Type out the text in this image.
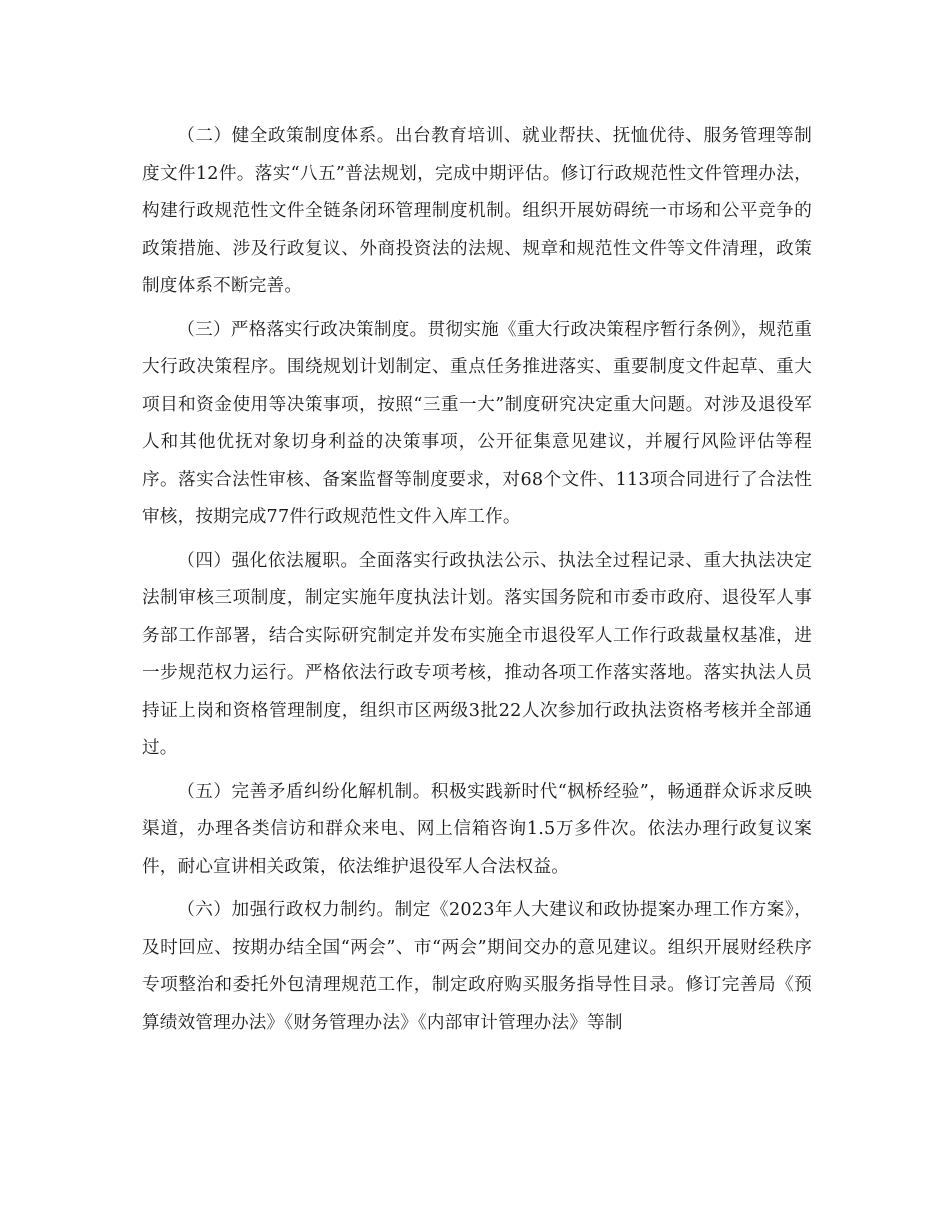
（二）健全政策制度体系。出台教育培训、就业帮扶、抚恤优待、服务管理等制度文件12件。落实“八五”普法规划，完成中期评估。修订行政规范性文件管理办法，构建行政规范性文件全链条闭环管理制度机制。组织开展妨碍统一市场和公平竞争的政策措施、涉及行政复议、外商投资法的法规、规章和规范性文件等文件清理，政策制度体系不断完善。

（三）严格落实行政决策制度。贯彻实施《重大行政决策程序暂行条例》，规范重大行政决策程序。围绕规划计划制定、重点任务推进落实、重要制度文件起草、重大项目和资金使用等决策事项，按照“三重一大”制度研究决定重大问题。对涉及退役军人和其他优抚对象切身利益的决策事项，公开征集意见建议，并履行风险评估等程序。落实合法性审核、备案监督等制度要求，对68个文件、113项合同进行了合法性审核，按期完成77件行政规范性文件入库工作。

（四）强化依法履职。全面落实行政执法公示、执法全过程记录、重大执法决定法制审核三项制度，制定实施年度执法计划。落实国务院和市委市政府、退役军人事务部工作部署，结合实际研究制定并发布实施全市退役军人工作行政裁量权基准，进一步规范权力运行。严格依法行政专项考核，推动各项工作落实落地。落实执法人员持证上岗和资格管理制度，组织市区两级3批22人次参加行政执法资格考核并全部通过。

（五）完善矛盾纠纷化解机制。积极实践新时代“枫桥经验”，畅通群众诉求反映渠道，办理各类信访和群众来电、网上信箱咨询1.5万多件次。依法办理行政复议案件，耐心宣讲相关政策，依法维护退役军人合法权益。

（六）加强行政权力制约。制定《2023年人大建议和政协提案办理工作方案》，及时回应、按期办结全国“两会”、市“两会”期间交办的意见建议。组织开展财经秩序专项整治和委托外包清理规范工作，制定政府购买服务指导性目录。修订完善局《预算绩效管理办法》《财务管理办法》《内部审计管理办法》等制
